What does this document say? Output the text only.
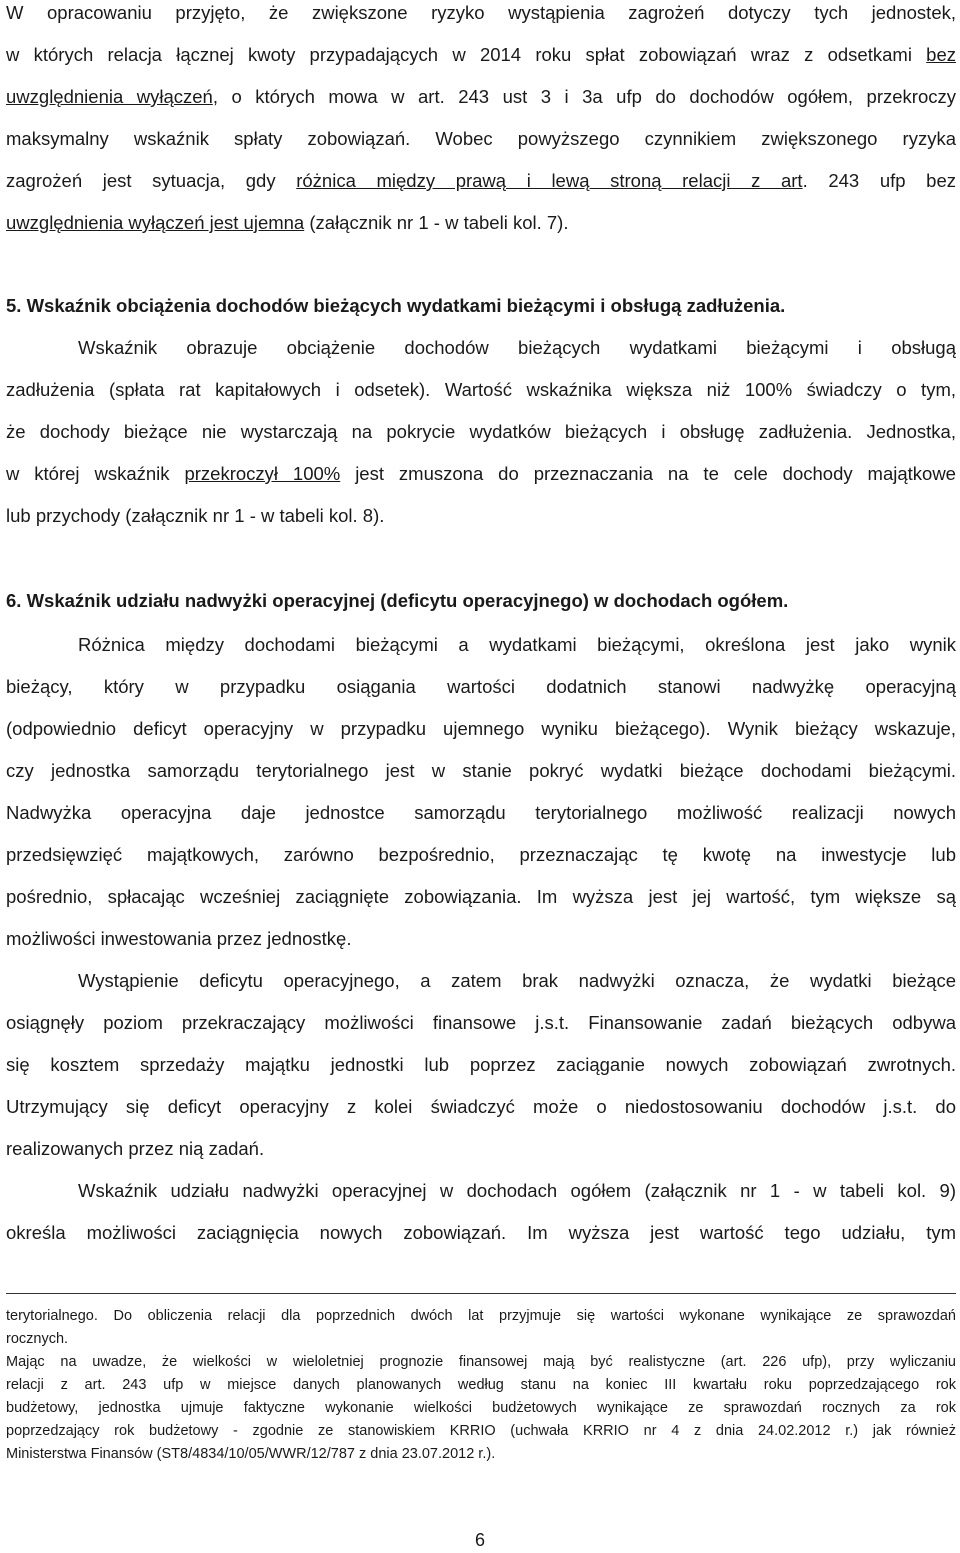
W opracowaniu przyjęto, że zwiększone ryzyko wystąpienia zagrożeń dotyczy tych jednostek,
w których relacja łącznej kwoty przypadających w 2014 roku spłat zobowiązań wraz z odsetkami bez
uwzględnienia wyłączeń, o których mowa w art. 243 ust 3 i 3a ufp do dochodów ogółem, przekroczy
maksymalny wskaźnik spłaty zobowiązań. Wobec powyższego czynnikiem zwiększonego ryzyka
zagrożeń jest sytuacja, gdy różnica między prawą i lewą stroną relacji z art. 243 ufp bez
uwzględnienia wyłączeń jest ujemna (załącznik nr 1 - w tabeli kol. 7).
5. Wskaźnik obciążenia dochodów bieżących wydatkami bieżącymi i obsługą zadłużenia.
Wskaźnik obrazuje obciążenie dochodów bieżących wydatkami bieżącymi i obsługą
zadłużenia (spłata rat kapitałowych i odsetek). Wartość wskaźnika większa niż 100% świadczy o tym,
że dochody bieżące nie wystarczają na pokrycie wydatków bieżących i obsługę zadłużenia. Jednostka,
w której wskaźnik przekroczył 100% jest zmuszona do przeznaczania na te cele dochody majątkowe
lub przychody (załącznik nr 1 - w tabeli kol. 8).
6. Wskaźnik udziału nadwyżki operacyjnej (deficytu operacyjnego) w dochodach ogółem.
Różnica między dochodami bieżącymi a wydatkami bieżącymi, określona jest jako wynik
bieżący, który w przypadku osiągania wartości dodatnich stanowi nadwyżkę operacyjną
(odpowiednio deficyt operacyjny w przypadku ujemnego wyniku bieżącego). Wynik bieżący wskazuje,
czy jednostka samorządu terytorialnego jest w stanie pokryć wydatki bieżące dochodami bieżącymi.
Nadwyżka operacyjna daje jednostce samorządu terytorialnego możliwość realizacji nowych
przedsięwzięć majątkowych, zarówno bezpośrednio, przeznaczając tę kwotę na inwestycje lub
pośrednio, spłacając wcześniej zaciągnięte zobowiązania. Im wyższa jest jej wartość, tym większe są
możliwości inwestowania przez jednostkę.
Wystąpienie deficytu operacyjnego, a zatem brak nadwyżki oznacza, że wydatki bieżące
osiągnęły poziom przekraczający możliwości finansowe j.s.t. Finansowanie zadań bieżących odbywa
się kosztem sprzedaży majątku jednostki lub poprzez zaciąganie nowych zobowiązań zwrotnych.
Utrzymujący się deficyt operacyjny z kolei świadczyć może o niedostosowaniu dochodów j.s.t. do
realizowanych przez nią zadań.
Wskaźnik udziału nadwyżki operacyjnej w dochodach ogółem (załącznik nr 1 - w tabeli kol. 9)
określa możliwości zaciągnięcia nowych zobowiązań. Im wyższa jest wartość tego udziału, tym
terytorialnego. Do obliczenia relacji dla poprzednich dwóch lat przyjmuje się wartości wykonane wynikające ze sprawozdań
rocznych.
Mając na uwadze, że wielkości w wieloletniej prognozie finansowej mają być realistyczne (art. 226 ufp), przy wyliczaniu
relacji z art. 243 ufp w miejsce danych planowanych według stanu na koniec III kwartału roku poprzedzającego rok
budżetowy, jednostka ujmuje faktyczne wykonanie wielkości budżetowych wynikające ze sprawozdań rocznych za rok
poprzedzający rok budżetowy - zgodnie ze stanowiskiem KRRIO (uchwała KRRIO nr 4 z dnia 24.02.2012 r.) jak również
Ministerstwa Finansów (ST8/4834/10/05/WWR/12/787 z dnia 23.07.2012 r.).
6
